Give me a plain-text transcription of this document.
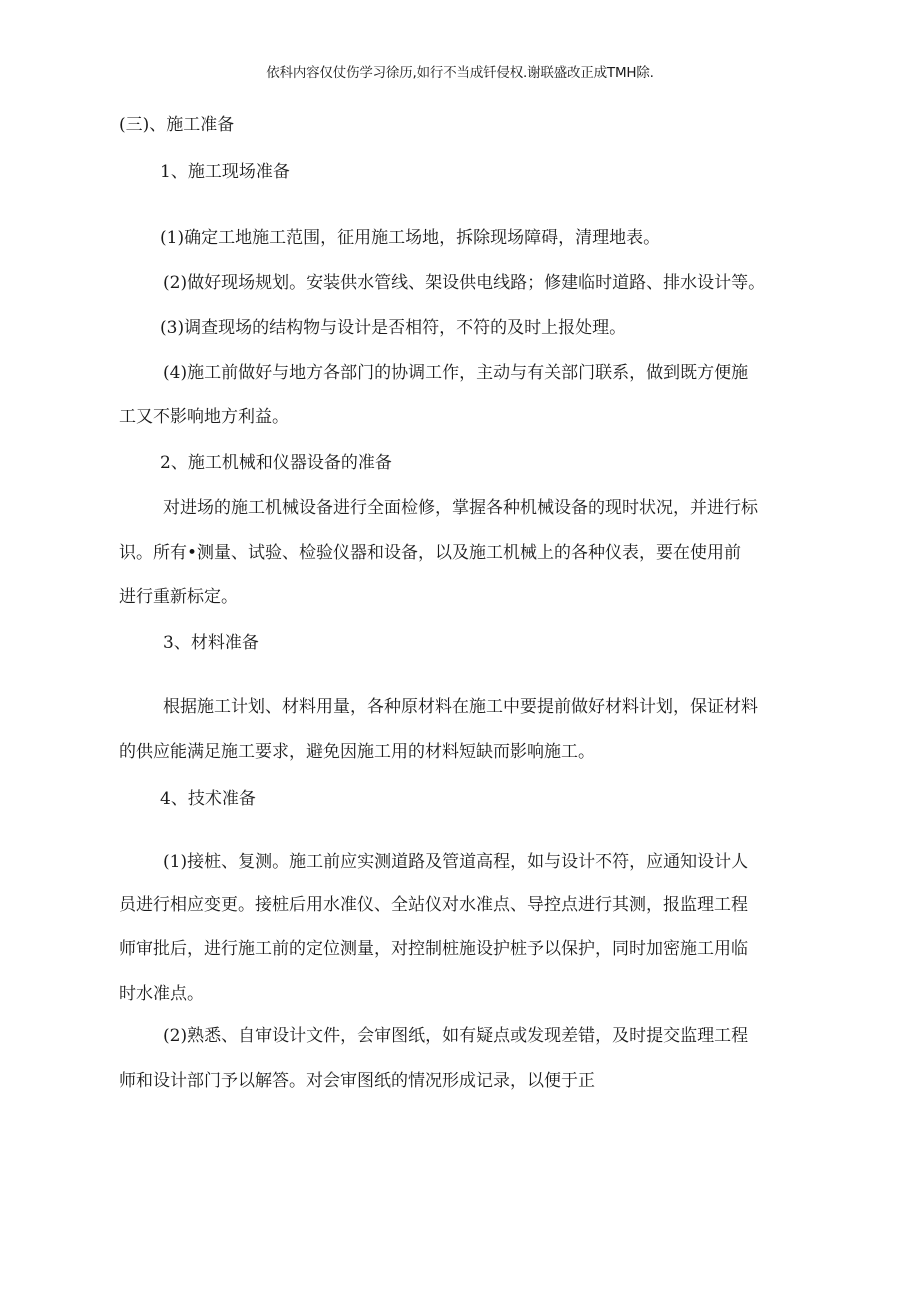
依科内容仅仗伤学习徐历,如行不当成钎侵权.谢联盛改正成TMH除.
(三)、施工准备
1、施工现场准备
(1)确定工地施工范围，征用施工场地，拆除现场障碍，清理地表。
(2)做好现场规划。安装供水管线、架设供电线路；修建临时道路、排水设计等。
(3)调查现场的结构物与设计是否相符，不符的及时上报处理。
(4)施工前做好与地方各部门的协调工作，主动与有关部门联系，做到既方便施
工又不影响地方利益。
2、施工机械和仪器设备的准备
对进场的施工机械设备进行全面检修，掌握各种机械设备的现时状况，并进行标
识。所有•测量、试验、检验仪器和设备，以及施工机械上的各种仪表，要在使用前
进行重新标定。
3、材料准备
根据施工计划、材料用量，各种原材料在施工中要提前做好材料计划，保证材料
的供应能满足施工要求，避免因施工用的材料短缺而影响施工。
4、技术准备
(1)接桩、复测。施工前应实测道路及管道高程，如与设计不符，应通知设计人
员进行相应变更。接桩后用水准仪、全站仪对水准点、导控点进行其测，报监理工程
师审批后，进行施工前的定位测量，对控制桩施设护桩予以保护，同时加密施工用临
时水准点。
(2)熟悉、自审设计文件，会审图纸，如有疑点或发现差错，及时提交监理工程
师和设计部门予以解答。对会审图纸的情况形成记录，以便于正
